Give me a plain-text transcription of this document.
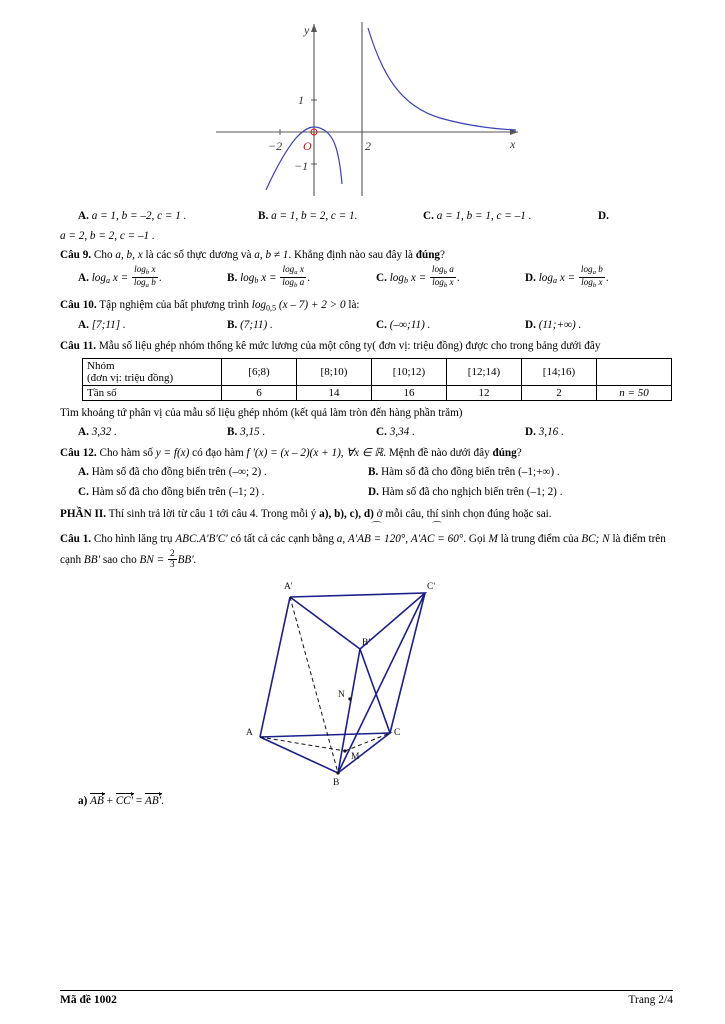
−2	2
1
−1
O	x
y
A. a = 1, b = –2, c = 1 .	B. a = 1, b = 2, c = 1.	C. a = 1, b = 1, c = –1 .	D.
a = 2, b = 2, c = –1 .
Câu 9. Cho a, b, x là các số thực dương và a, b ≠ 1. Khẳng định nào sau đây là đúng?
A. $\log_a x = \frac{\log_b x}{\log_a b}$ .	B. $\log_b x = \frac{\log_a x}{\log_b a}$ .	C. $\log_b x = \frac{\log_b a}{\log_b x}$ .	D. $\log_a x = \frac{\log_a b}{\log_b x}$ .
Câu 10. Tập nghiệm của bất phương trình $\log_{0,5} (x - 7) + 2 > 0$ là:
A. [7;11] .	B. (7;11) .	C. (–∞;11) .	D. (11;+∞) .
Câu 11. Mẫu số liệu ghép nhóm thống kê mức lương của một công ty( đơn vị: triệu đồng) được cho trong bảng dưới đây
Nhóm
(đơn vị: triệu đồng)	[6;8)	[8;10)	[10;12)	[12;14)	[14;16)	
Tần số	6	14	16	12	2	n = 50
Tìm khoảng tứ phân vị của mẫu số liệu ghép nhóm (kết quả làm tròn đến hàng phần trăm)
A. 3,32 .	B. 3,15 .	C. 3,34 .	D. 3,16 .
Câu 12. Cho hàm số y = f(x) có đạo hàm f ′(x) = (x – 2)(x + 1), ∀x ∈ ℝ. Mệnh đề nào dưới đây đúng?
A. Hàm số đã cho đồng biến trên (–∞; 2) .	B. Hàm số đã cho đồng biến trên (–1;+∞) .
C. Hàm số đã cho đồng biến trên (–1; 2) .	D. Hàm số đã cho nghịch biến trên (–1; 2) .
PHẦN II. Thí sinh trả lời từ câu 1 tới câu 4. Trong mỗi ý a), b), c), d) ở mỗi câu, thí sinh chọn đúng hoặc sai.
Câu 1. Cho hình lăng trụ ABC.A′B′C′ có tất cả các cạnh bằng a, ⌒ A′AB = 120°, ⌒ A′AC = 60°. Gọi M là trung điểm của BC; N là điểm trên cạnh BB′ sao cho BN = $\frac{2}{3} BB'$.
A'	C'
B'
N
A	C
M
B
a) AB + CC′ = AB′.
Mã đề 1002	Trang 2/4
